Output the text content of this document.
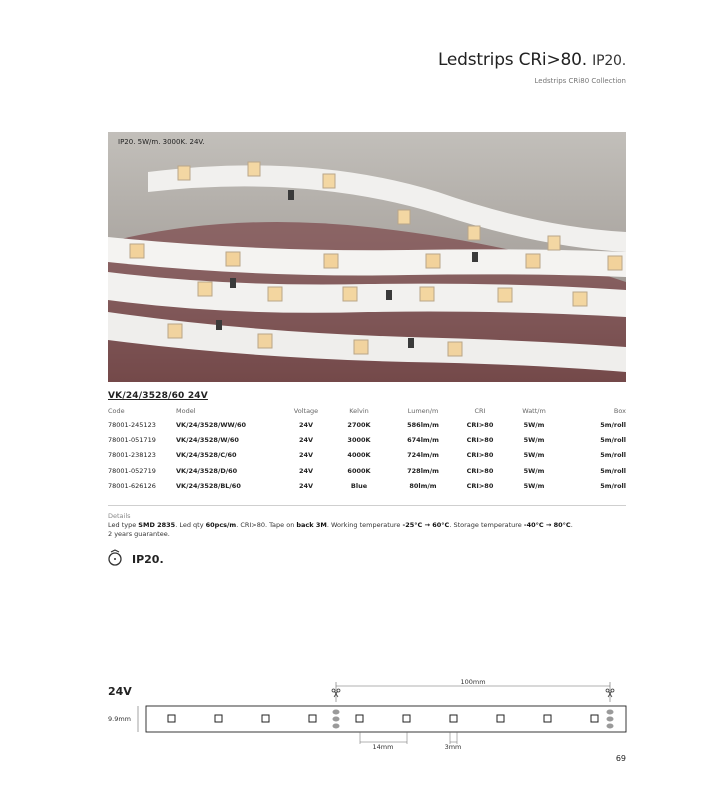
Ledstrips CRi>80. IP20.
Ledstrips CRi80 Collection
IP20. 5W/m. 3000K. 24V.
VK/24/3528/60 24V
Code	Model	Voltage	Kelvin	Lumen/m	CRI	Watt/m	Box
78001-245123	VK/24/3528/WW/60	24V	2700K	586lm/m	CRI>80	5W/m	5m/roll
78001-051719	VK/24/3528/W/60	24V	3000K	674lm/m	CRI>80	5W/m	5m/roll
78001-238123	VK/24/3528/C/60	24V	4000K	724lm/m	CRI>80	5W/m	5m/roll
78001-052719	VK/24/3528/D/60	24V	6000K	728lm/m	CRI>80	5W/m	5m/roll
78001-626126	VK/24/3528/BL/60	24V	Blue	80lm/m	CRI>80	5W/m	5m/roll
Details
Led type SMD 2835. Led qty 60pcs/m. CRI>80. Tape on back 3M. Working temperature -25°C → 60°C. Storage temperature -40°C → 80°C.
2 years guarantee.
IP20.
24V
100mm
9.9mm
14mm	3mm
69
